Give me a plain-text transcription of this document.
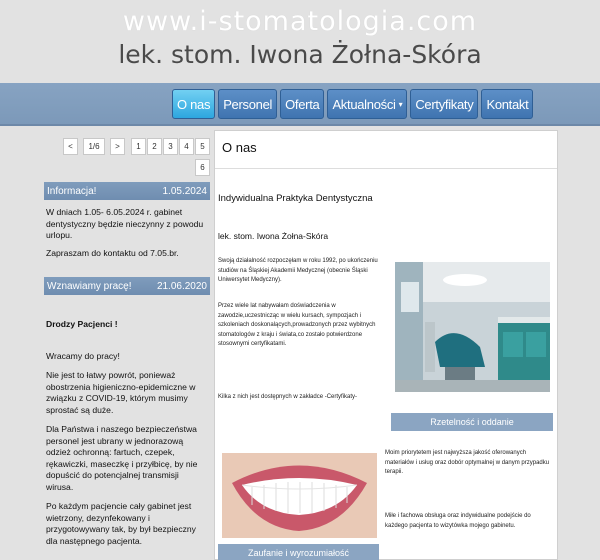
www.i-stomatologia.com
lek. stom. Iwona Żołna-Skóra
O nas Personel Oferta Aktualności ▾ Certyfikaty Kontakt
<	1/6	>	1	2	3	4	5
6
Informacja!	1.05.2024

W dniach 1.05- 6.05.2024 r. gabinet dentystyczny będzie nieczynny z powodu urlopu.

Zapraszam do kontaktu od 7.05.br.

Wznawiamy pracę!	21.06.2020

Drodzy Pacjenci !

Wracamy do pracy!

Nie jest to łatwy powrót, ponieważ obostrzenia higieniczno-epidemiczne w związku z COVID-19, którym musimy sprostać są duże.

Dla Państwa i naszego bezpieczeństwa personel jest ubrany w jednorazową odzież ochronną: fartuch, czepek, rękawiczki, maseczkę i przyłbicę, by nie dopuścić do potencjalnej transmisji wirusa.

Po każdym pacjencie cały gabinet jest wietrzony, dezynfekowany i przygotowywany tak, by był bezpieczny dla następnego pacjenta.

O nas
Indywidualna Praktyka Dentystyczna
lek. stom. Iwona Żołna-Skóra
Swoją działalność rozpoczęłam w roku 1992, po ukończeniu studiów na Śląskiej Akademii Medycznej (obecnie Śląski Uniwersytet Medyczny).
Przez wiele lat nabywałam doświadczenia w zawodzie,uczestnicząc w wielu kursach, sympozjach i szkoleniach doskonalących,prowadzonych przez wybitnych stomatologów z kraju i świata,co zostało potwierdzone stosownymi certyfikatami.
Kilka z nich jest dostępnych w zakładce -Certyfikaty-
Rzetelność i oddanie
Moim priorytetem jest najwyższa jakość oferowanych materiałów i usług oraz dobór optymalnej w danym przypadku terapii.
Miłe i fachowa obsługa oraz indywidualne podejście do każdego pacjenta to wizytówka mojego gabinetu.
Zaufanie i wyrozumiałość
